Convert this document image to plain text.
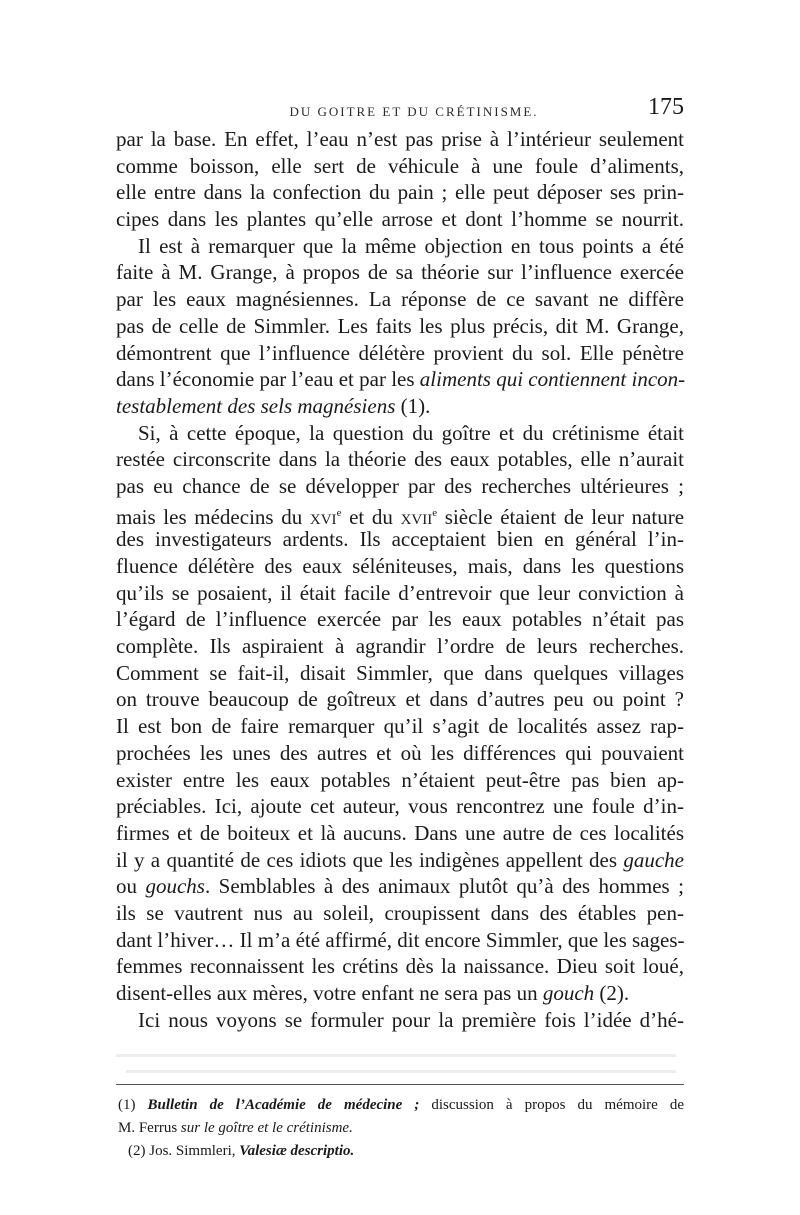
DU GOITRE ET DU CRÉTINISME.	175
par la base. En effet, l’eau n’est pas prise à l’intérieur seulement
comme boisson, elle sert de véhicule à une foule d’aliments,
elle entre dans la confection du pain ; elle peut déposer ses prin-
cipes dans les plantes qu’elle arrose et dont l’homme se nourrit.
Il est à remarquer que la même objection en tous points a été
faite à M. Grange, à propos de sa théorie sur l’influence exercée
par les eaux magnésiennes. La réponse de ce savant ne diffère
pas de celle de Simmler. Les faits les plus précis, dit M. Grange,
démontrent que l’influence délétère provient du sol. Elle pénètre
dans l’économie par l’eau et par les aliments qui contiennent incon-
testablement des sels magnésiens (1).
Si, à cette époque, la question du goître et du crétinisme était
restée circonscrite dans la théorie des eaux potables, elle n’aurait
pas eu chance de se développer par des recherches ultérieures ;
mais les médecins du xvi$^e$ et du xvii$^e$ siècle étaient de leur nature
des investigateurs ardents. Ils acceptaient bien en général l’in-
fluence délétère des eaux séléniteuses, mais, dans les questions
qu’ils se posaient, il était facile d’entrevoir que leur conviction à
l’égard de l’influence exercée par les eaux potables n’était pas
complète. Ils aspiraient à agrandir l’ordre de leurs recherches.
Comment se fait-il, disait Simmler, que dans quelques villages
on trouve beaucoup de goîtreux et dans d’autres peu ou point ?
Il est bon de faire remarquer qu’il s’agit de localités assez rap-
prochées les unes des autres et où les différences qui pouvaient
exister entre les eaux potables n’étaient peut-être pas bien ap-
préciables. Ici, ajoute cet auteur, vous rencontrez une foule d’in-
firmes et de boiteux et là aucuns. Dans une autre de ces localités
il y a quantité de ces idiots que les indigènes appellent des gauche
ou gouchs. Semblables à des animaux plutôt qu’à des hommes ;
ils se vautrent nus au soleil, croupissent dans des étables pen-
dant l’hiver… Il m’a été affirmé, dit encore Simmler, que les sages-
femmes reconnaissent les crétins dès la naissance. Dieu soit loué,
disent-elles aux mères, votre enfant ne sera pas un gouch (2).
Ici nous voyons se formuler pour la première fois l’idée d’hé-
(1) Bulletin de l’Académie de médecine ; discussion à propos du mémoire de
M. Ferrus sur le goître et le crétinisme.
(2) Jos. Simmleri, Valesiæ descriptio.
